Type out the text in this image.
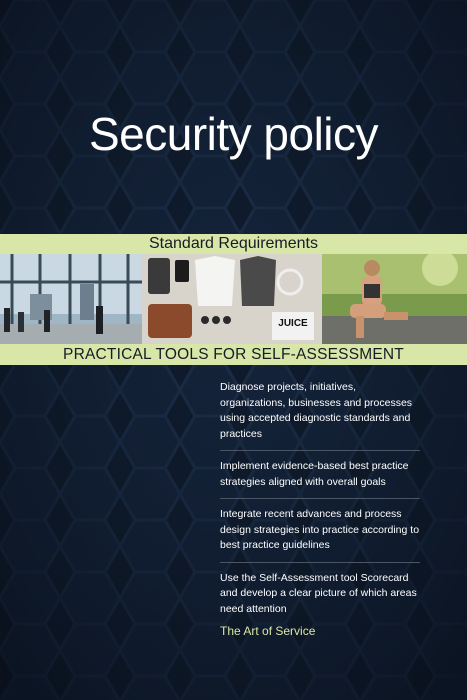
Security policy
Standard Requirements
JUICE
PRACTICAL TOOLS FOR SELF-ASSESSMENT
Diagnose projects, initiatives, organizations, businesses and processes using accepted diagnostic standards and practices
Implement evidence-based best practice strategies aligned with overall goals
Integrate recent advances and process design strategies into practice according to best practice guidelines
Use the Self-Assessment tool Scorecard and develop a clear picture of which areas need attention
The Art of Service
